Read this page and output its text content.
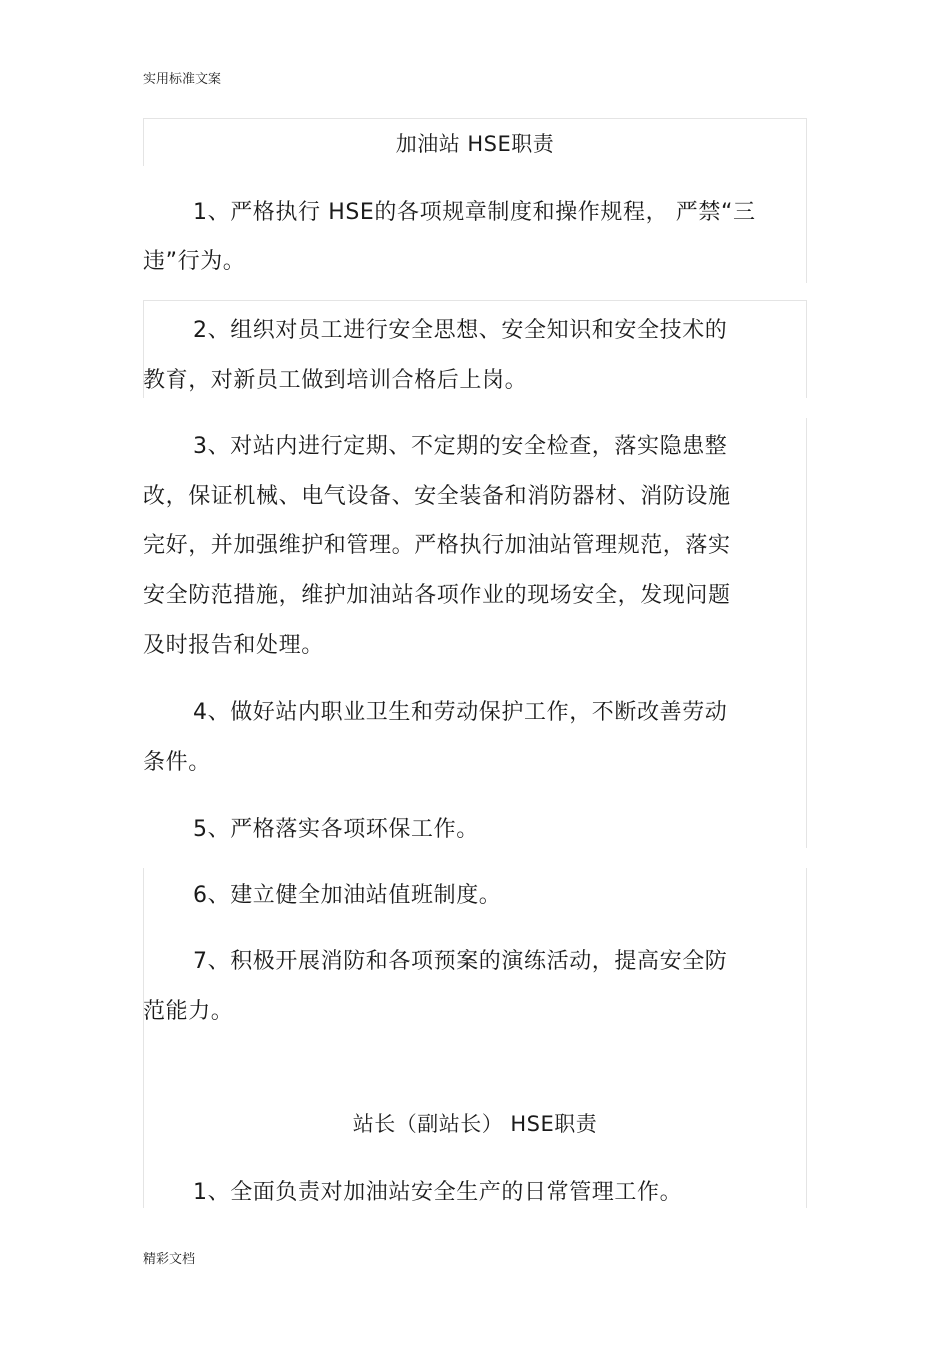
实用标准文案
加油站 HSE职责
1、严格执行 HSE的各项规章制度和操作规程， 严禁“三
违”行为。
2、组织对员工进行安全思想、安全知识和安全技术的
教育，对新员工做到培训合格后上岗。
3、对站内进行定期、不定期的安全检查，落实隐患整
改，保证机械、电气设备、安全装备和消防器材、消防设施
完好，并加强维护和管理。严格执行加油站管理规范，落实
安全防范措施，维护加油站各项作业的现场安全，发现问题
及时报告和处理。
4、做好站内职业卫生和劳动保护工作，不断改善劳动
条件。
5、严格落实各项环保工作。
6、建立健全加油站值班制度。
7、积极开展消防和各项预案的演练活动，提高安全防
范能力。
站长（副站长） HSE职责
1、全面负责对加油站安全生产的日常管理工作。
精彩文档
